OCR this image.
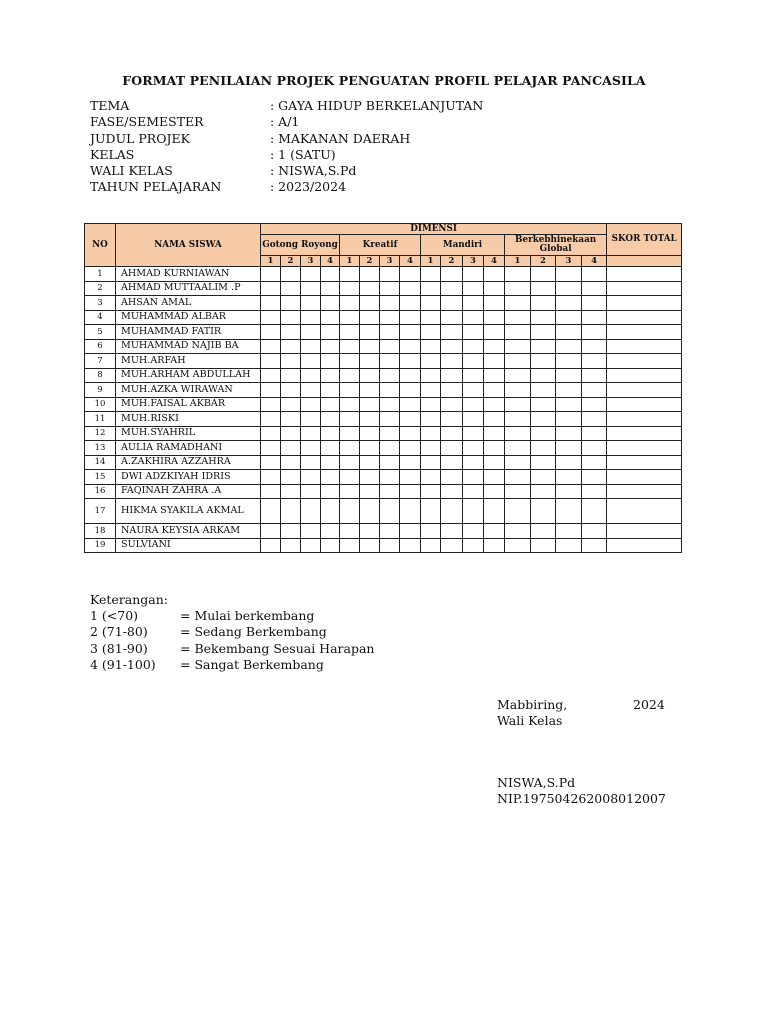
FORMAT PENILAIAN PROJEK PENGUATAN PROFIL PELAJAR PANCASILA
TEMA	: GAYA HIDUP BERKELANJUTAN
FASE/SEMESTER	: A/1
JUDUL PROJEK	: MAKANAN DAERAH
KELAS	: 1 (SATU)
WALI KELAS	: NISWA,S.Pd
TAHUN PELAJARAN	: 2023/2024
NO	NAMA SISWA	DIMENSI																SKOR TOTAL
		Gotong Royong				Kreatif				Mandiri				Berkebhinekaan Global				
		1	2	3	4	1	2	3	4	1	2	3	4	1	2	3	4	
1	AHMAD KURNIAWAN																	
2	AHMAD MUTTAALIM .P																	
3	AHSAN AMAL																	
4	MUHAMMAD ALBAR																	
5	MUHAMMAD FATIR																	
6	MUHAMMAD NAJIB BA																	
7	MUH.ARFAH																	
8	MUH.ARHAM ABDULLAH																	
9	MUH.AZKA WIRAWAN																	
10	MUH.FAISAL AKBAR																	
11	MUH.RISKI																	
12	MUH.SYAHRIL																	
13	AULIA RAMADHANI																	
14	A.ZAKHIRA AZZAHRA																	
15	DWI ADZKIYAH IDRIS																	
16	FAQINAH ZAHRA .A																	
17	HIKMA SYAKILA AKMAL																	
18	NAURA KEYSIA ARKAM																	
19	SULVIANI																	
Keterangan:
1 (<70)	= Mulai berkembang
2 (71-80)	= Sedang Berkembang
3 (81-90)	= Bekembang Sesuai Harapan
4 (91-100)	= Sangat Berkembang
Mabbiring,	2024
Wali Kelas
NISWA,S.Pd
NIP.197504262008012007
